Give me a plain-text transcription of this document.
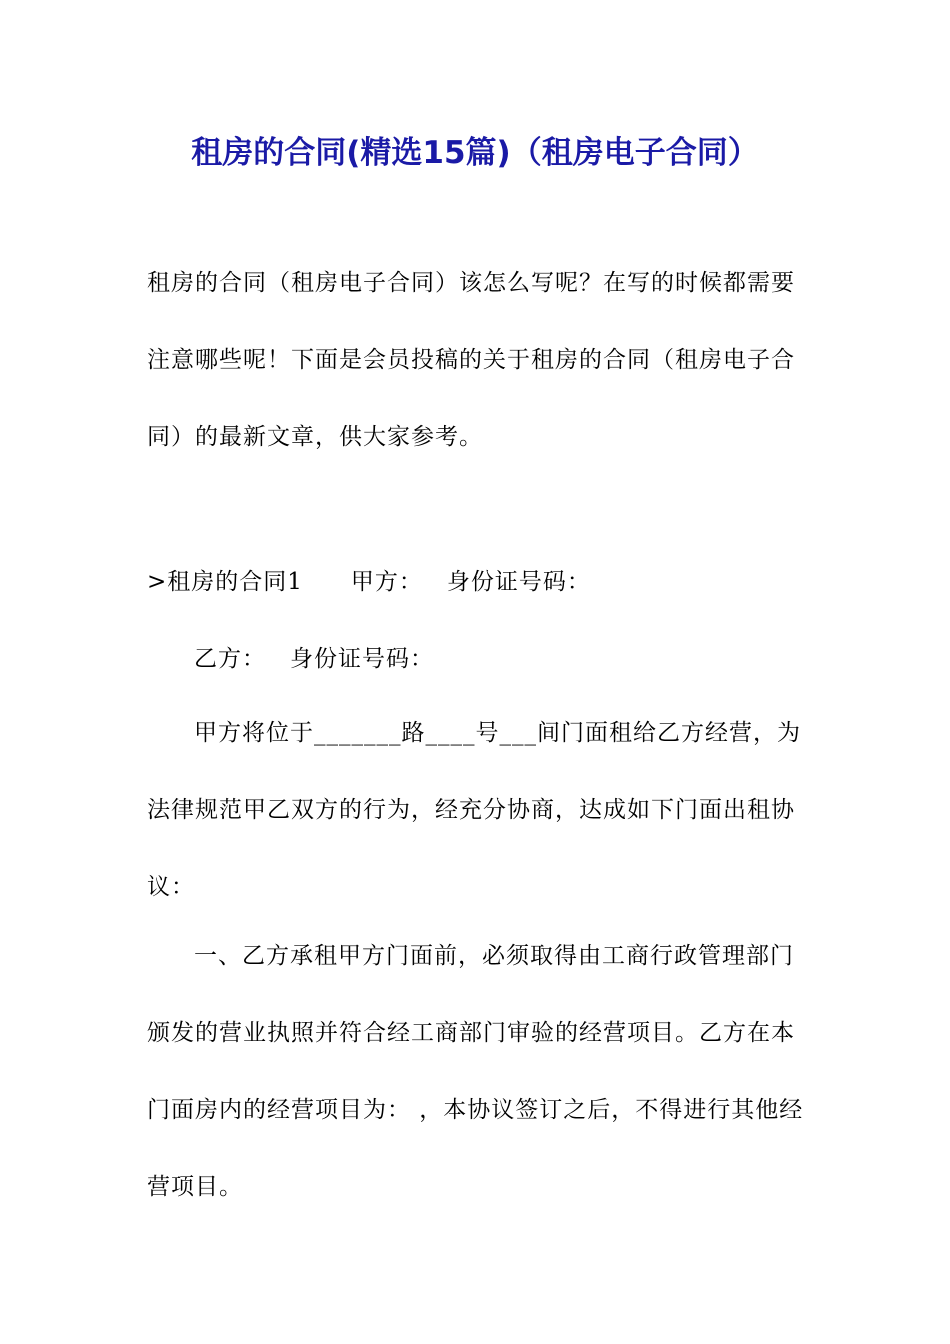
租房的合同(精选15篇)（租房电子合同）

租房的合同（租房电子合同）该怎么写呢？在写的时候都需要
注意哪些呢！下面是会员投稿的关于租房的合同（租房电子合
同）的最新文章，供大家参考。

>租房的合同1 甲方： 身份证号码：

乙方： 身份证号码：

甲方将位于_______路____号___间门面租给乙方经营，为
法律规范甲乙双方的行为，经充分协商，达成如下门面出租协
议：

一、乙方承租甲方门面前，必须取得由工商行政管理部门
颁发的营业执照并符合经工商部门审验的经营项目。乙方在本
门面房内的经营项目为： ，本协议签订之后，不得进行其他经
营项目。
